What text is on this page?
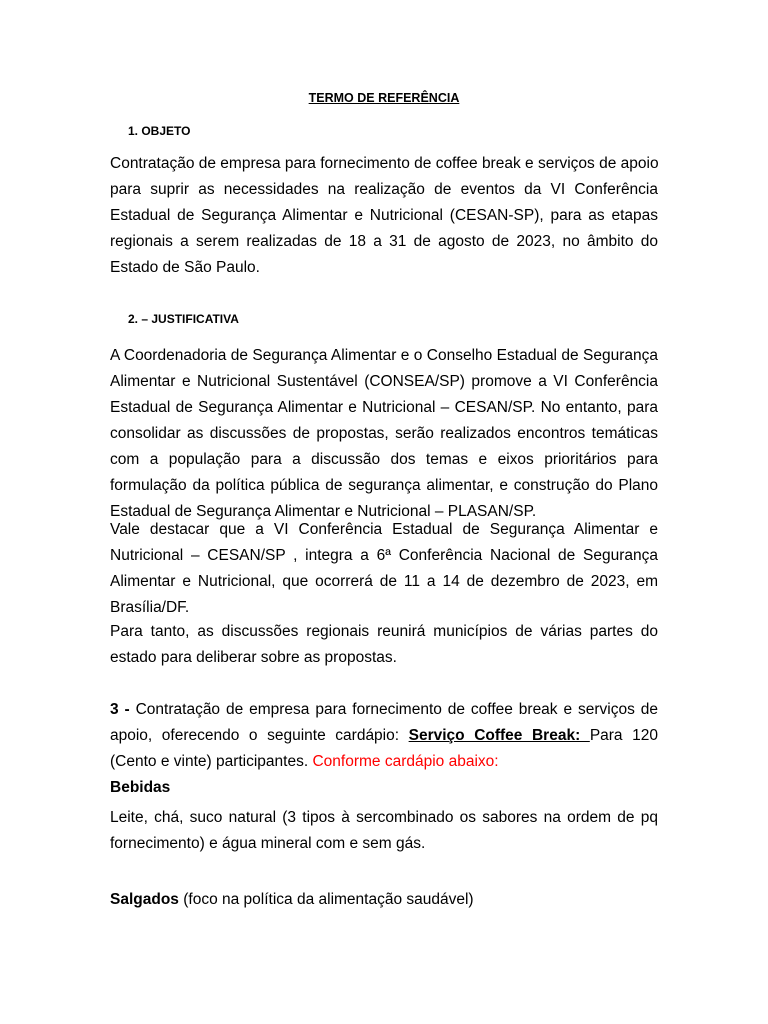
TERMO DE REFERÊNCIA
1. OBJETO

Contratação de empresa para fornecimento de coffee break e serviços de apoio
para suprir as necessidades na realização de eventos da VI Conferência
Estadual de Segurança Alimentar e Nutricional (CESAN-SP), para as etapas
regionais a serem realizadas de 18 a 31 de agosto de 2023, no âmbito do
Estado de São Paulo.

2. – JUSTIFICATIVA

A Coordenadoria de Segurança Alimentar e o Conselho Estadual de Segurança
Alimentar e Nutricional Sustentável (CONSEA/SP) promove a VI Conferência
Estadual de Segurança Alimentar e Nutricional – CESAN/SP. No entanto, para
consolidar as discussões de propostas, serão realizados encontros temáticas
com a população para a discussão dos temas e eixos prioritários para
formulação da política pública de segurança alimentar, e construção do Plano
Estadual de Segurança Alimentar e Nutricional – PLASAN/SP.

Vale destacar que a VI Conferência Estadual de Segurança Alimentar e
Nutricional – CESAN/SP , integra a 6ª Conferência Nacional de Segurança
Alimentar e Nutricional, que ocorrerá de 11 a 14 de dezembro de 2023, em
Brasília/DF.

Para tanto, as discussões regionais reunirá municípios de várias partes do
estado para deliberar sobre as propostas.

3 - Contratação de empresa para fornecimento de coffee break e serviços de
apoio, oferecendo o seguinte cardápio: Serviço Coffee Break: Para 120
(Cento e vinte) participantes. Conforme cardápio abaixo:

Bebidas

Leite, chá, suco natural (3 tipos à sercombinado os sabores na ordem de pq
fornecimento) e água mineral com e sem gás.

Salgados (foco na política da alimentação saudável)
